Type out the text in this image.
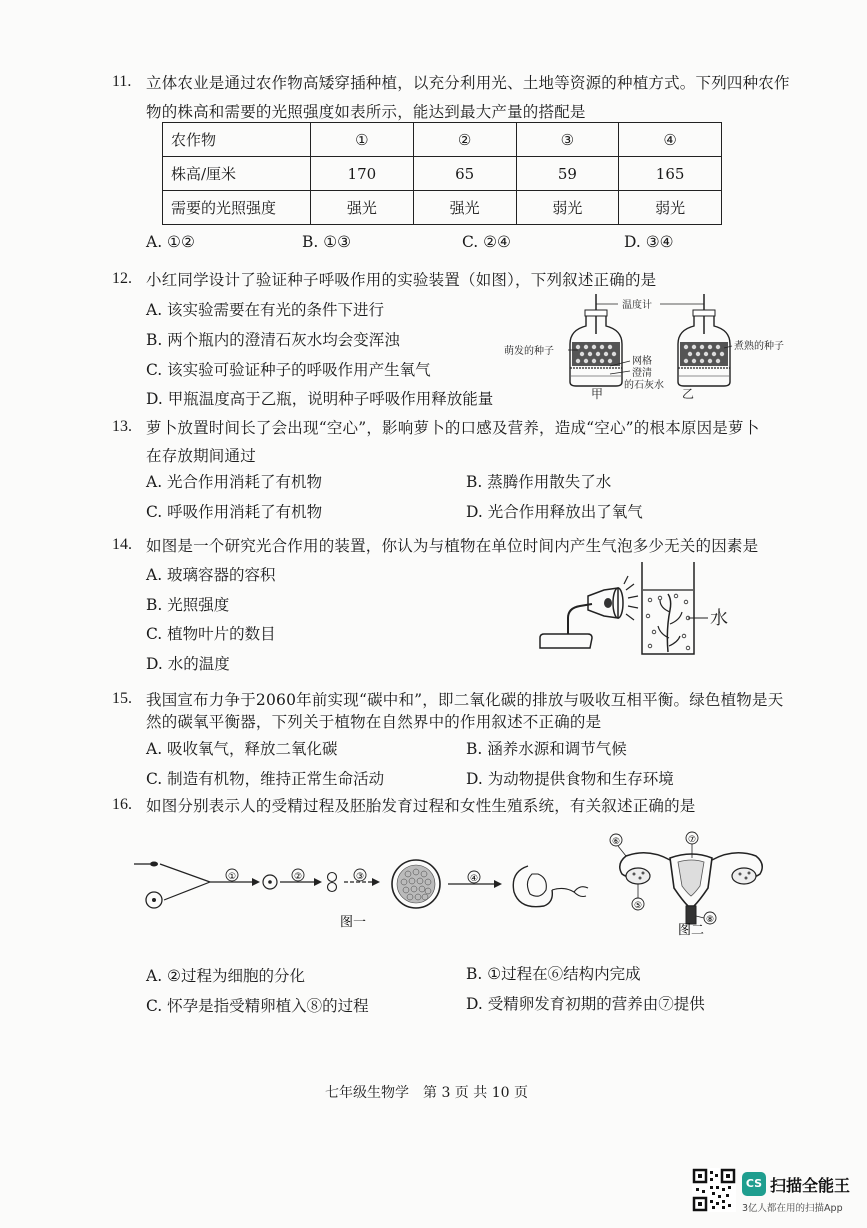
11. 立体农业是通过农作物高矮穿插种植，以充分利用光、土地等资源的种植方式。下列四种农作
物的株高和需要的光照强度如表所示，能达到最大产量的搭配是
农作物	①	②	③	④
株高/厘米	170	65	59	165
需要的光照强度	强光	强光	弱光	弱光
A. ①②	B. ①③	C. ②④	D. ③④
12. 小红同学设计了验证种子呼吸作用的实验装置（如图），下列叙述正确的是
A. 该实验需要在有光的条件下进行
B. 两个瓶内的澄清石灰水均会变浑浊
C. 该实验可验证种子的呼吸作用产生氧气
D. 甲瓶温度高于乙瓶，说明种子呼吸作用释放能量
温度计
萌发的种子	煮熟的种子
网格
澄清
的石灰水
甲	乙
13. 萝卜放置时间长了会出现“空心”，影响萝卜的口感及营养，造成“空心”的根本原因是萝卜
在存放期间通过
A. 光合作用消耗了有机物	B. 蒸腾作用散失了水
C. 呼吸作用消耗了有机物	D. 光合作用释放出了氧气
14. 如图是一个研究光合作用的装置，你认为与植物在单位时间内产生气泡多少无关的因素是
A. 玻璃容器的容积
B. 光照强度
C. 植物叶片的数目
D. 水的温度
水
15. 我国宣布力争于2060年前实现“碳中和”，即二氧化碳的排放与吸收互相平衡。绿色植物是天
然的碳氧平衡器，下列关于植物在自然界中的作用叙述不正确的是
A. 吸收氧气，释放二氧化碳	B. 涵养水源和调节气候
C. 制造有机物，维持正常生命活动	D. 为动物提供食物和生存环境
16. 如图分别表示人的受精过程及胚胎发育过程和女性生殖系统，有关叙述正确的是
①	②	③	④
图一
⑥	⑦
⑤
⑧
图二
A. ②过程为细胞的分化	B. ①过程在⑥结构内完成
C. 怀孕是指受精卵植入⑧的过程	D. 受精卵发育初期的营养由⑦提供
七年级生物学　第 3 页 共 10 页
CS 扫描全能王
3亿人都在用的扫描App
